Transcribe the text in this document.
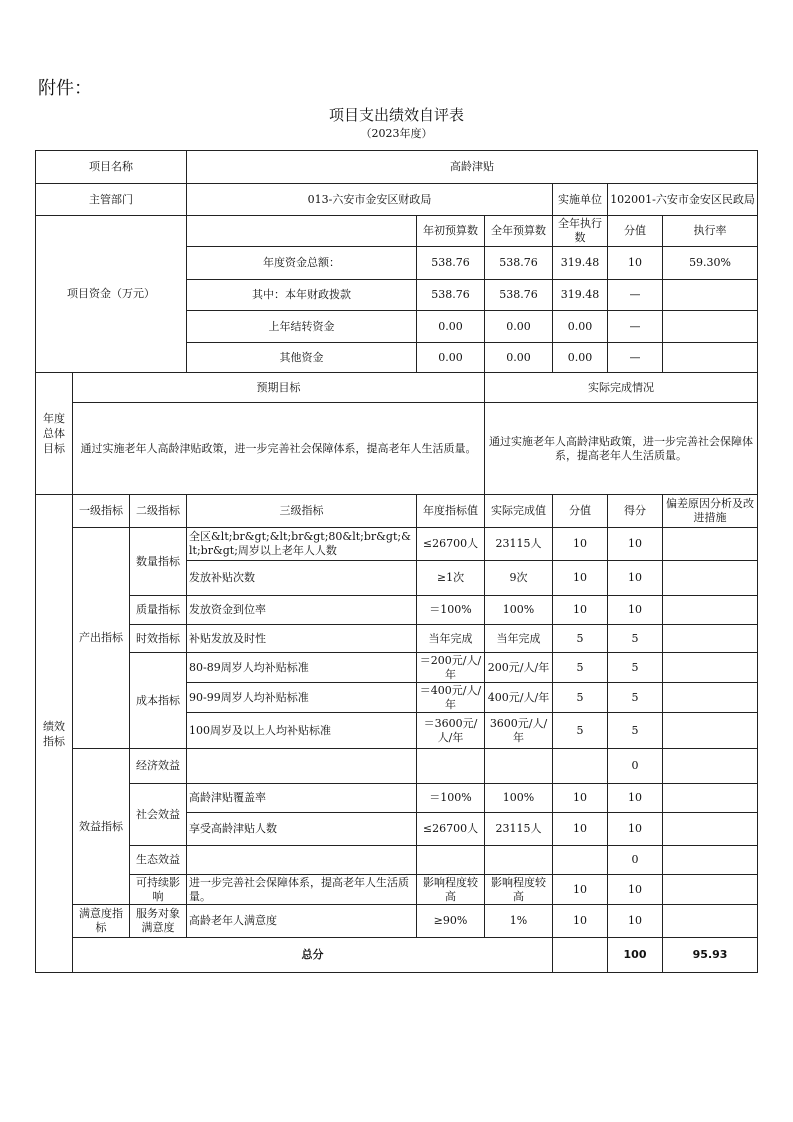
附件：
项目支出绩效自评表
（2023年度）
项目名称			高龄津贴						
主管部门			013-六安市金安区财政局			实施单位	102001-六安市金安区民政局		
项目资金（万元）				年初预算数	全年预算数	全年执行数	分值	执行率	
			年度资金总额：	538.76	538.76	319.48	10	59.30%	
			其中：本年财政拨款	538.76	538.76	319.48	—		
			上年结转资金	0.00	0.00	0.00	—		
			其他资金	0.00	0.00	0.00	—		
年度总体目标	预期目标				实际完成情况				
	通过实施老年人高龄津贴政策，进一步完善社会保障体系，提高老年人生活质量。				通过实施老年人高龄津贴政策，进一步完善社会保障体系，提高老年人生活质量。				
绩效指标	一级指标	二级指标	三级指标	年度指标值	实际完成值	分值	得分	偏差原因分析及改进措施	
	产出指标	数量指标	全区&lt;br&gt;&lt;br&gt;80&lt;br&gt;&lt;br&gt;周岁以上老年人人数	≤26700人	23115人	10	10		
			发放补贴次数	≥1次	9次	10	10		
		质量指标	发放资金到位率	＝100%	100%	10	10		
		时效指标	补贴发放及时性	当年完成	当年完成	5	5		
		成本指标	80-89周岁人均补贴标准	＝200元/人/年	200元/人/年	5	5		
			90-99周岁人均补贴标准	＝400元/人/年	400元/人/年	5	5		
			100周岁及以上人均补贴标准	＝3600元/人/年	3600元/人/年	5	5		
	效益指标	经济效益					0		
		社会效益	高龄津贴覆盖率	＝100%	100%	10	10		
			享受高龄津贴人数	≤26700人	23115人	10	10		
		生态效益					0		
		可持续影响	进一步完善社会保障体系，提高老年人生活质量。	影响程度较高	影响程度较高	10	10		
	满意度指标	服务对象满意度	高龄老年人满意度	≥90%	1%	10	10		
	总分						100	95.93	
